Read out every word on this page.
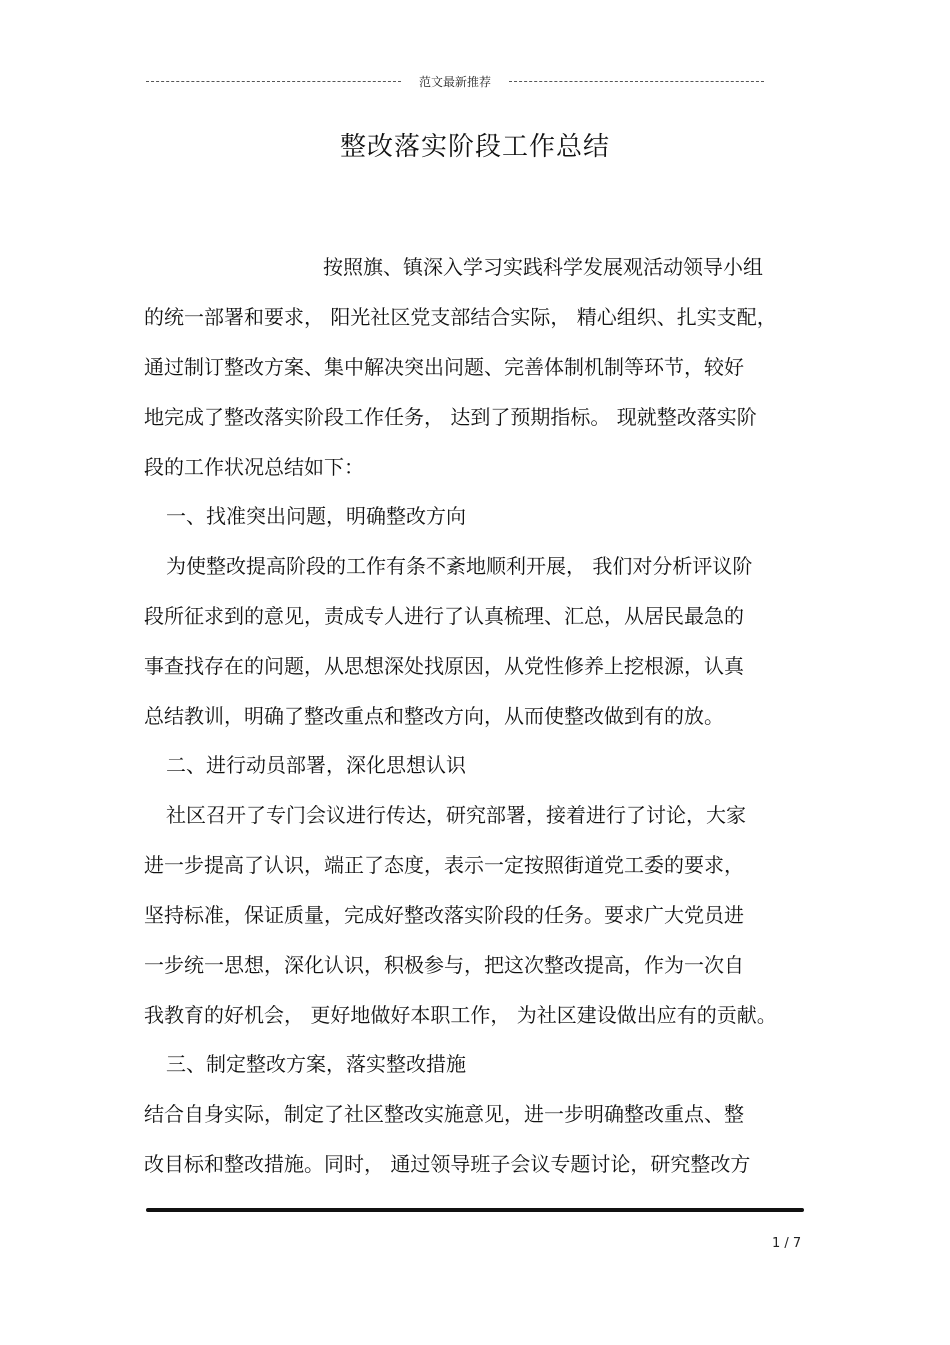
范文最新推荐
整改落实阶段工作总结
按照旗、镇深入学习实践科学发展观活动领导小组
的统一部署和要求， 阳光社区党支部结合实际， 精心组织、扎实支配，
通过制订整改方案、集中解决突出问题、完善体制机制等环节，较好
地完成了整改落实阶段工作任务， 达到了预期指标。 现就整改落实阶
段的工作状况总结如下：
一、找准突出问题，明确整改方向
为使整改提高阶段的工作有条不紊地顺利开展， 我们对分析评议阶
段所征求到的意见，责成专人进行了认真梳理、汇总，从居民最急的
事查找存在的问题，从思想深处找原因，从党性修养上挖根源，认真
总结教训，明确了整改重点和整改方向，从而使整改做到有的放。
二、进行动员部署，深化思想认识
社区召开了专门会议进行传达，研究部署，接着进行了讨论，大家
进一步提高了认识，端正了态度，表示一定按照街道党工委的要求，
坚持标准，保证质量，完成好整改落实阶段的任务。要求广大党员进
一步统一思想，深化认识，积极参与，把这次整改提高，作为一次自
我教育的好机会， 更好地做好本职工作， 为社区建设做出应有的贡献。
三、制定整改方案，落实整改措施
结合自身实际，制定了社区整改实施意见，进一步明确整改重点、整
改目标和整改措施。同时， 通过领导班子会议专题讨论，研究整改方
1 / 7
